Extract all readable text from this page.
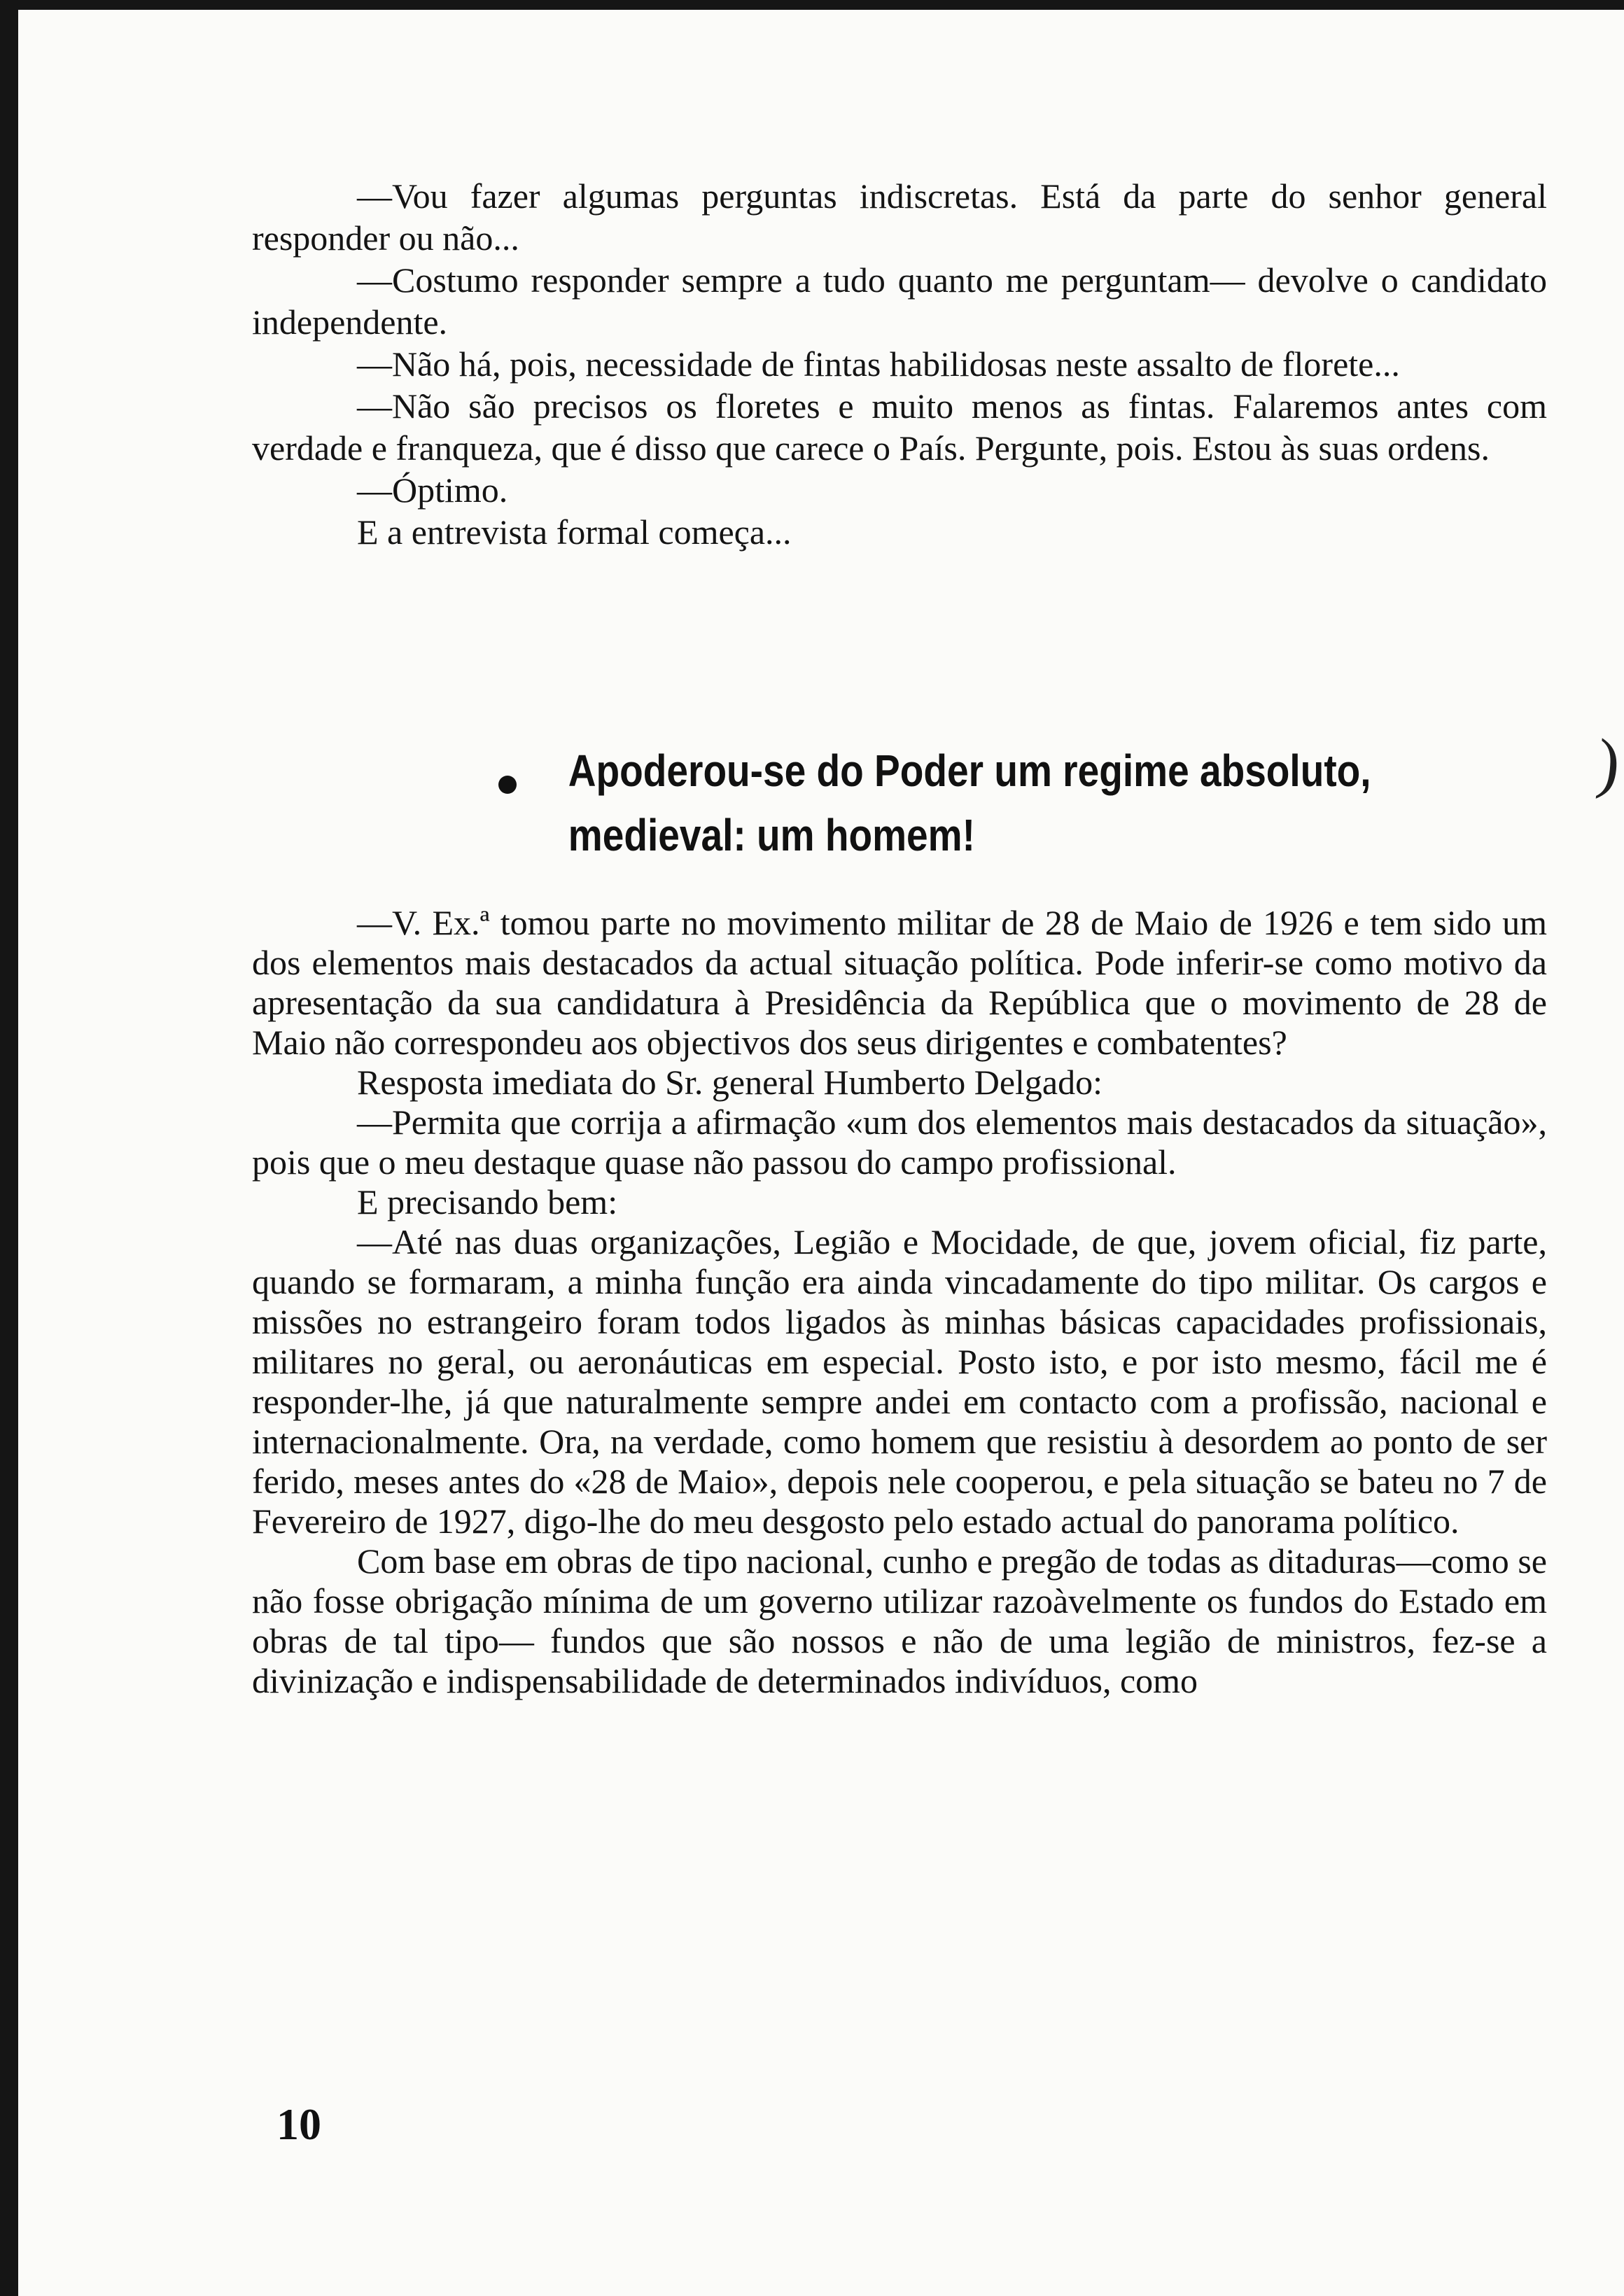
)

—Vou fazer algumas perguntas indiscretas. Está da parte do senhor general responder ou não...

—Costumo responder sempre a tudo quanto me perguntam— devolve o candidato independente.

—Não há, pois, necessidade de fintas habilidosas neste assalto de florete...

—Não são precisos os floretes e muito menos as fintas. Falaremos antes com verdade e franqueza, que é disso que carece o País. Pergunte, pois. Estou às suas ordens.

—Óptimo.

E a entrevista formal começa...

Apoderou-se do Poder um regime absoluto, medieval: um homem!

—V. Ex.ª tomou parte no movimento militar de 28 de Maio de 1926 e tem sido um dos elementos mais destacados da actual situação política. Pode inferir-se como motivo da apresentação da sua candidatura à Presidência da República que o movimento de 28 de Maio não correspondeu aos objectivos dos seus dirigentes e combatentes?

Resposta imediata do Sr. general Humberto Delgado:

—Permita que corrija a afirmação «um dos elementos mais destacados da situação», pois que o meu destaque quase não passou do campo profissional.

E precisando bem:

—Até nas duas organizações, Legião e Mocidade, de que, jovem oficial, fiz parte, quando se formaram, a minha função era ainda vincadamente do tipo militar. Os cargos e missões no estrangeiro foram todos ligados às minhas básicas capacidades profissionais, militares no geral, ou aeronáuticas em especial. Posto isto, e por isto mesmo, fácil me é responder-lhe, já que naturalmente sempre andei em contacto com a profissão, nacional e internacionalmente. Ora, na verdade, como homem que resistiu à desordem ao ponto de ser ferido, meses antes do «28 de Maio», depois nele cooperou, e pela situação se bateu no 7 de Fevereiro de 1927, digo-lhe do meu desgosto pelo estado actual do panorama político.

Com base em obras de tipo nacional, cunho e pregão de todas as ditaduras—como se não fosse obrigação mínima de um governo utilizar razoàvelmente os fundos do Estado em obras de tal tipo— fundos que são nossos e não de uma legião de ministros, fez-se a divinização e indispensabilidade de determinados indivíduos, como

10
